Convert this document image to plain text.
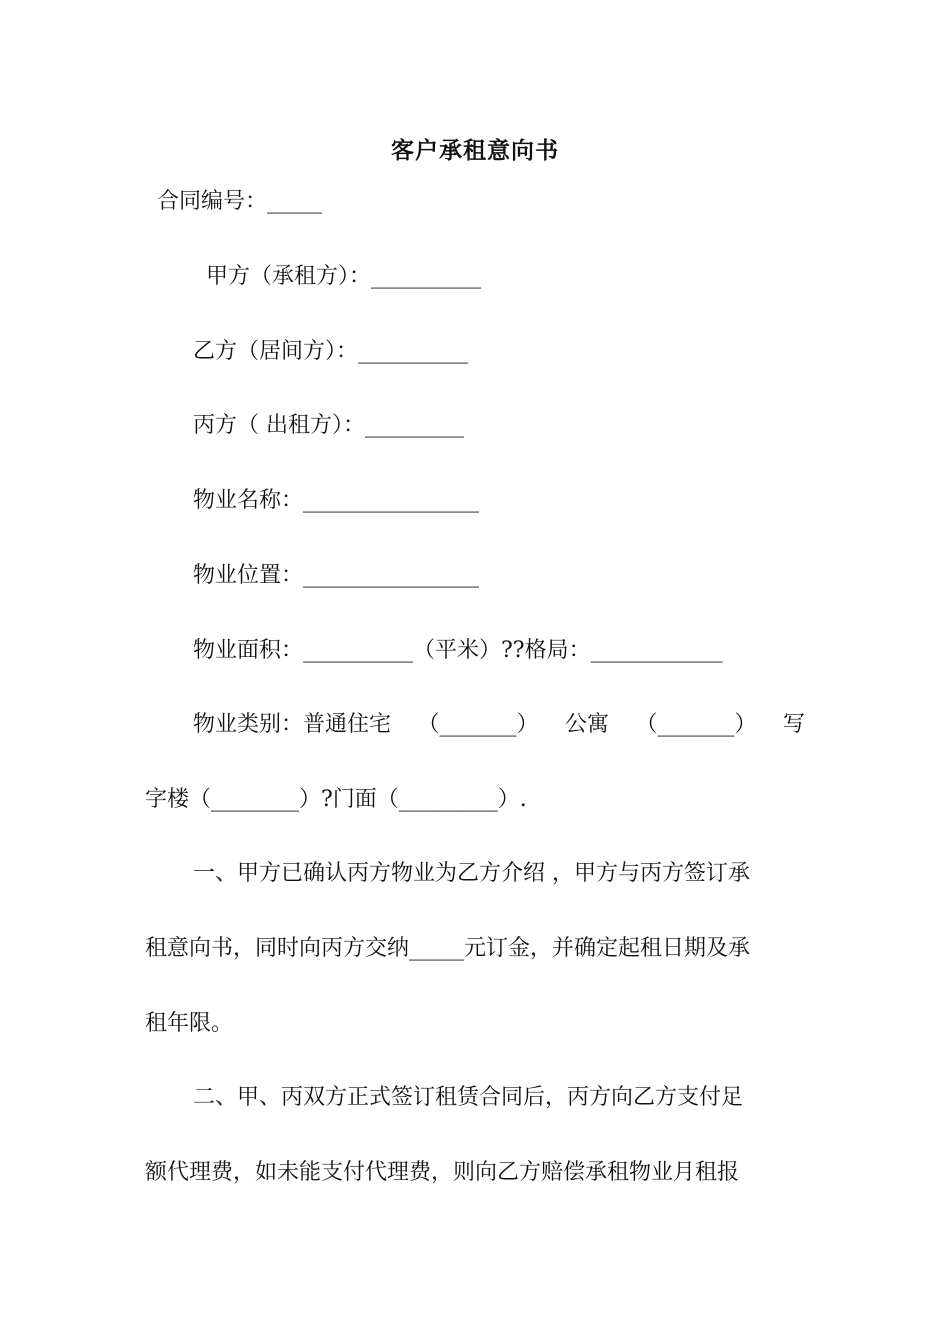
客户承租意向书
合同编号：_____
甲方（承租方）：__________
乙方（居间方）：__________
丙方（ 出租方）：_________
物业名称：________________
物业位置：________________
物业面积：__________（平米）??格局：____________
物业类别：普通住宅 （_______） 公寓 （_______） 写
字楼（________）?门面（_________）.
一、甲方已确认丙方物业为乙方介绍 ，甲方与丙方签订承
租意向书，同时向丙方交纳_____元订金，并确定起租日期及承
租年限。
二、甲、丙双方正式签订租赁合同后，丙方向乙方支付足
额代理费，如未能支付代理费，则向乙方赔偿承租物业月租报
